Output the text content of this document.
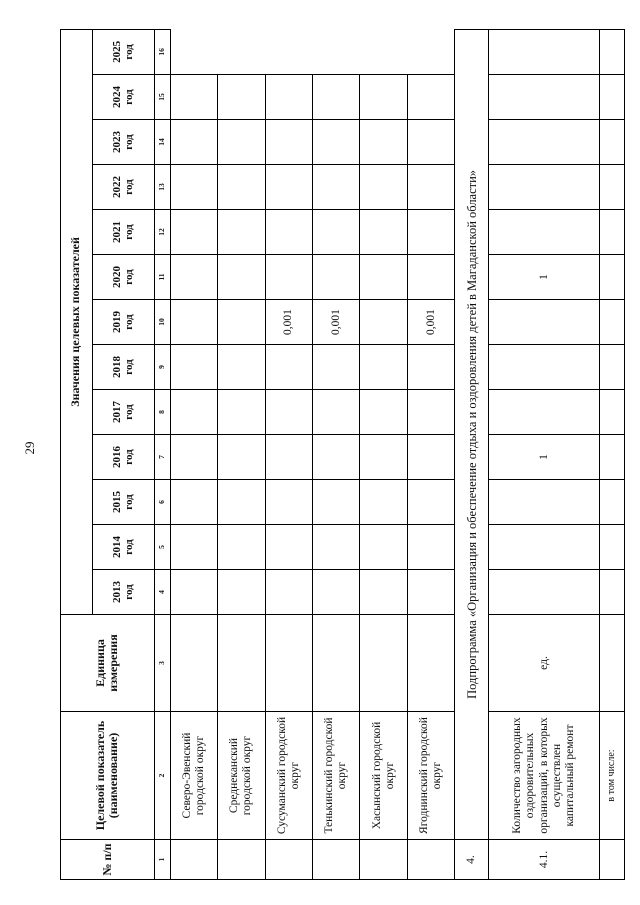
29
№ п/п	Целевой показатель (наименование)	Единица измерения	Значения целевых показателей												
			2013 год	2014 год	2015 год	2016 год	2017 год	2018 год	2019 год	2020 год	2021 год	2022 год	2023 год	2024 год	2025 год
1	2	3	4	5	6	7	8	9	10	11	12	13	14	15	16
	Северо-Эвенский городской округ														
	Среднеканский городской округ														
	Сусуманский городской округ								0,001						
	Тенькинский городской округ								0,001						
	Хасынский городской округ														
	Ягоднинский городской округ								0,001						
4.	Подпрограмма «Организация и обеспечение отдыха и оздоровления детей в Магаданской области»														
4.1.	Количество загородных оздоровительных организаций, в которых осуществлен капитальный ремонт	ед.				1				1					
	в том числе:														
